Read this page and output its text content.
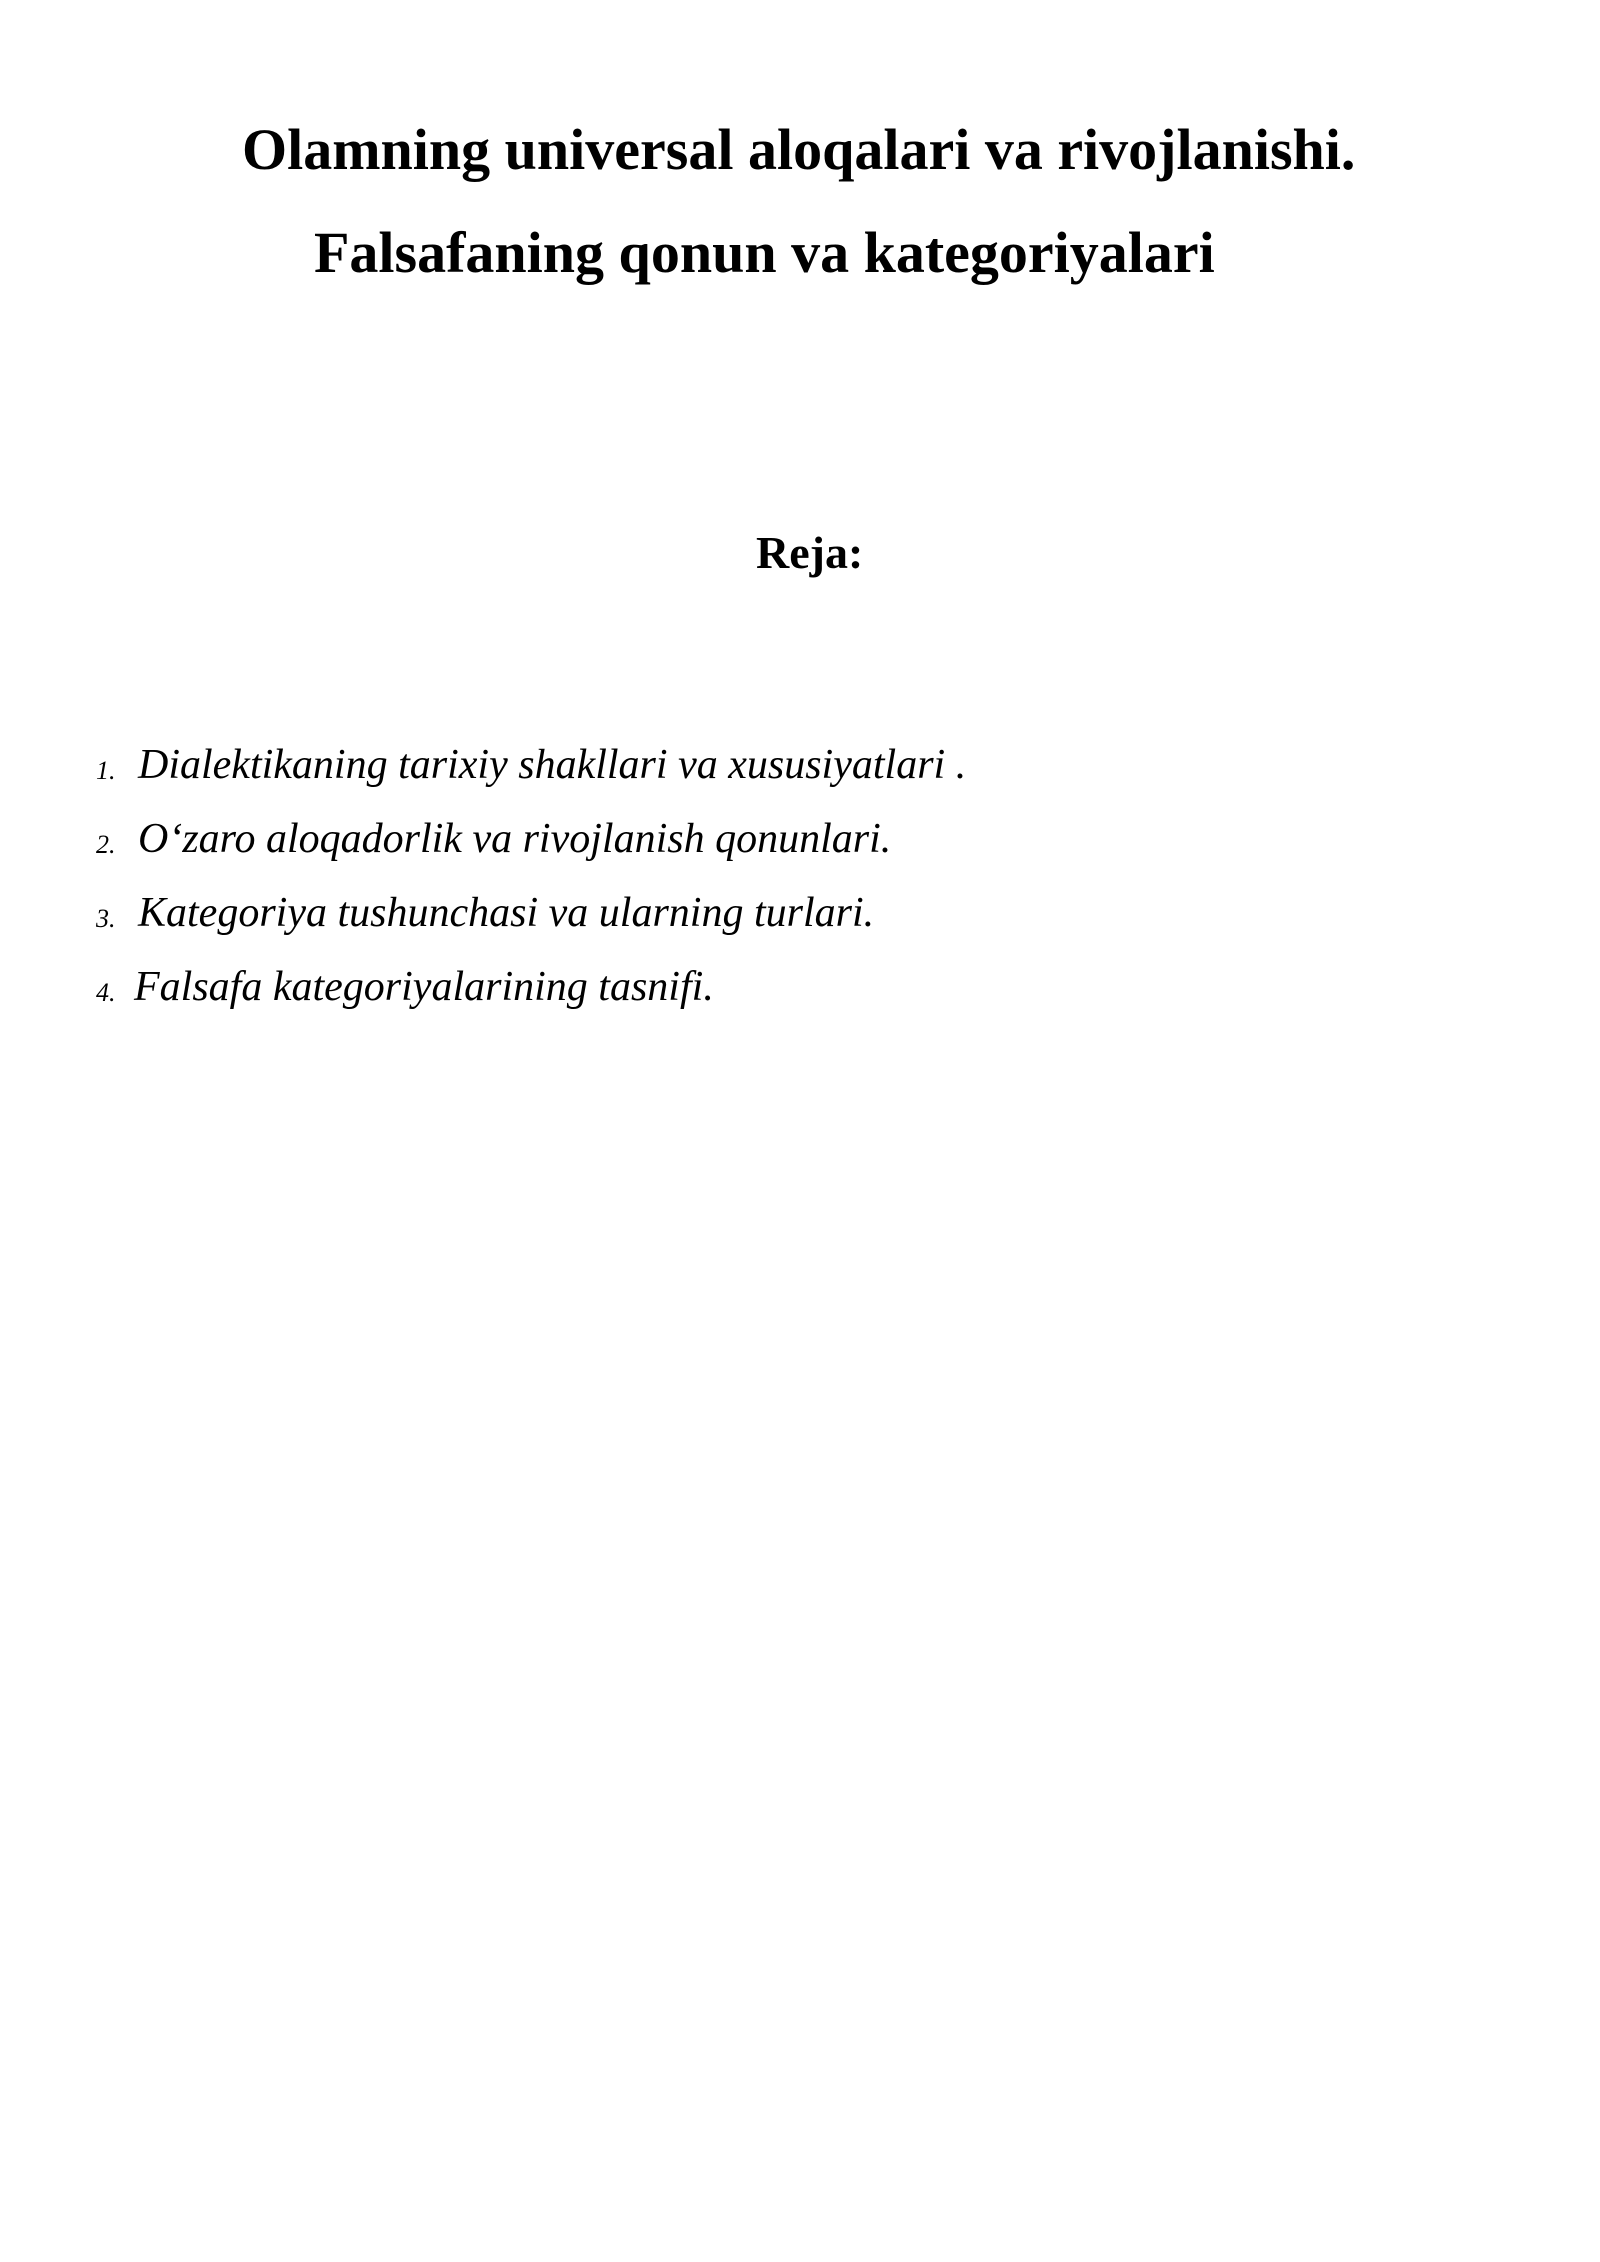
Olamning universal aloqalari va rivojlanishi.
Falsafaning qonun va kategoriyalari
Reja:
1. Dialektikaning tarixiy shakllari va xususiyatlari .
2. O‘zaro aloqadorlik va rivojlanish qonunlari.
3. Kategoriya tushunchasi va ularning turlari.
4. Falsafa kategoriyalarining tasnifi.
